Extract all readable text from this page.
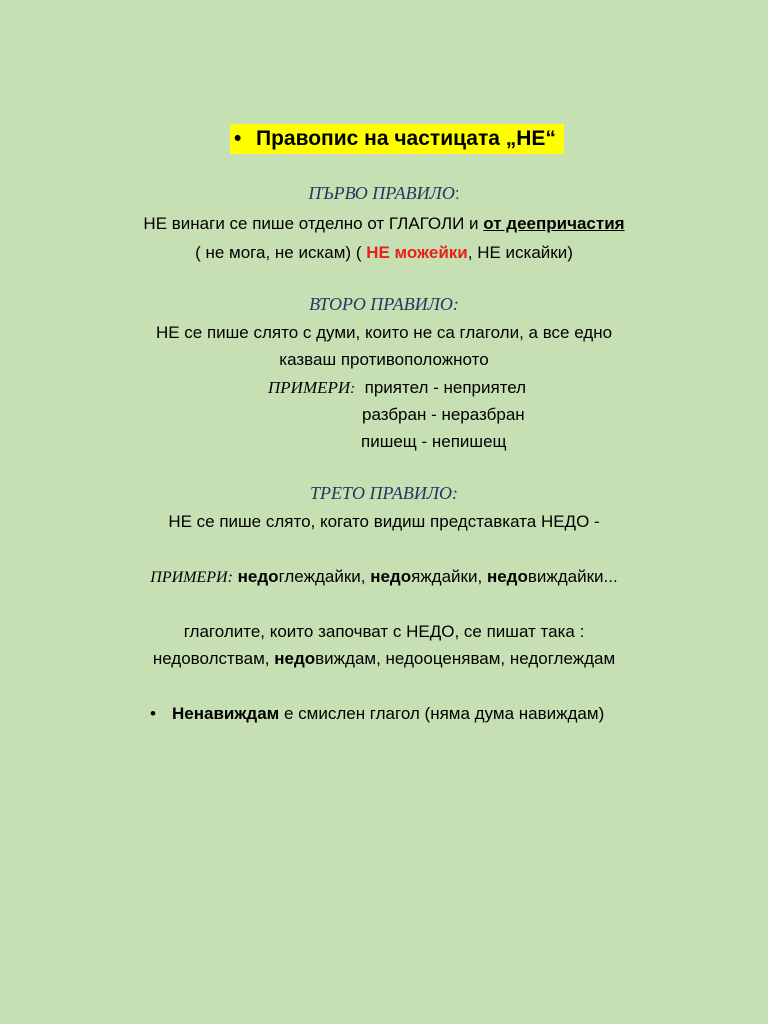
• Правопис на частицата „НЕ“
ПЪРВО ПРАВИЛО:
НЕ винаги се пише отделно от ГЛАГОЛИ и от деепричастия
( не мога, не искам) ( НЕ можейки, НЕ искайки)
ВТОРО ПРАВИЛО:
НЕ се пише слято с думи, които не са глаголи, а все едно
казваш противоположното
ПРИМЕРИ: приятел - неприятел
разбран - неразбран
пишещ - непишещ
ТРЕТО ПРАВИЛО:
НЕ се пише слято, когато видиш представката НЕДО -
ПРИМЕРИ: недоглеждайки, недояждайки, недовиждайки...
глаголите, които започват с НЕДО, се пишат така :
недоволствам, недовиждам, недооценявам, недоглеждам
• Ненавиждам е смислен глагол (няма дума навиждам)
